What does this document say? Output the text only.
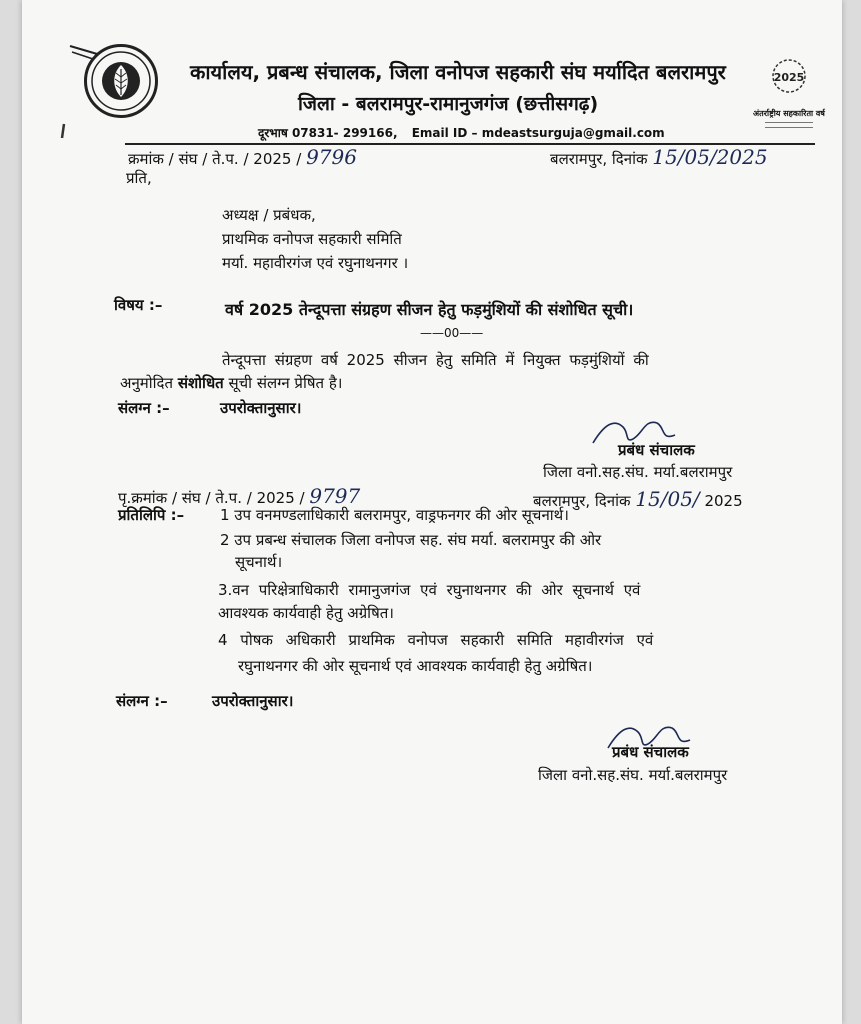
कार्यालय, प्रबन्ध संचालक, जिला वनोपज सहकारी संघ मर्यादित बलरामपुर
जिला - बलरामपुर-रामानुजगंज (छत्तीसगढ़)
दूरभाष 07831- 299166, Email ID – mdeastsurguja@gmail.com
2025
अंतर्राष्ट्रीय सहकारिता वर्ष
क्रमांक / संघ / ते.प. / 2025 / 9796	बलरामपुर, दिनांक 15/05/2025
प्रति,
अध्यक्ष / प्रबंधक,
प्राथमिक वनोपज सहकारी समिति
मर्या. महावीरगंज एवं रघुनाथनगर ।
विषय :–	वर्ष 2025 तेन्दूपत्ता संग्रहण सीजन हेतु फड़मुंशियों की संशोधित सूची।
——00——
तेन्दूपत्ता संग्रहण वर्ष 2025 सीजन हेतु समिति में नियुक्त फड़मुंशियों की
अनुमोदित संशोधित सूची संलग्न प्रेषित है।
संलग्न :–	उपरोक्तानुसार।
प्रबंध संचालक
जिला वनो.सह.संघ. मर्या.बलरामपुर
पृ.क्रमांक / संघ / ते.प. / 2025 / 9797	बलरामपुर, दिनांक 15/05/ 2025
प्रतिलिपि :– 1 उप वनमण्डलाधिकारी बलरामपुर, वाड्रफनगर की ओर सूचनार्थ।
2 उप प्रबन्ध संचालक जिला वनोपज सह. संघ मर्या. बलरामपुर की ओर
सूचनार्थ।
3.वन परिक्षेत्राधिकारी रामानुजगंज एवं रघुनाथनगर की ओर सूचनार्थ एवं
आवश्यक कार्यवाही हेतु अग्रेषित।
4 पोषक अधिकारी प्राथमिक वनोपज सहकारी समिति महावीरगंज एवं
रघुनाथनगर की ओर सूचनार्थ एवं आवश्यक कार्यवाही हेतु अग्रेषित।
संलग्न :–	उपरोक्तानुसार।
प्रबंध संचालक
जिला वनो.सह.संघ. मर्या.बलरामपुर
